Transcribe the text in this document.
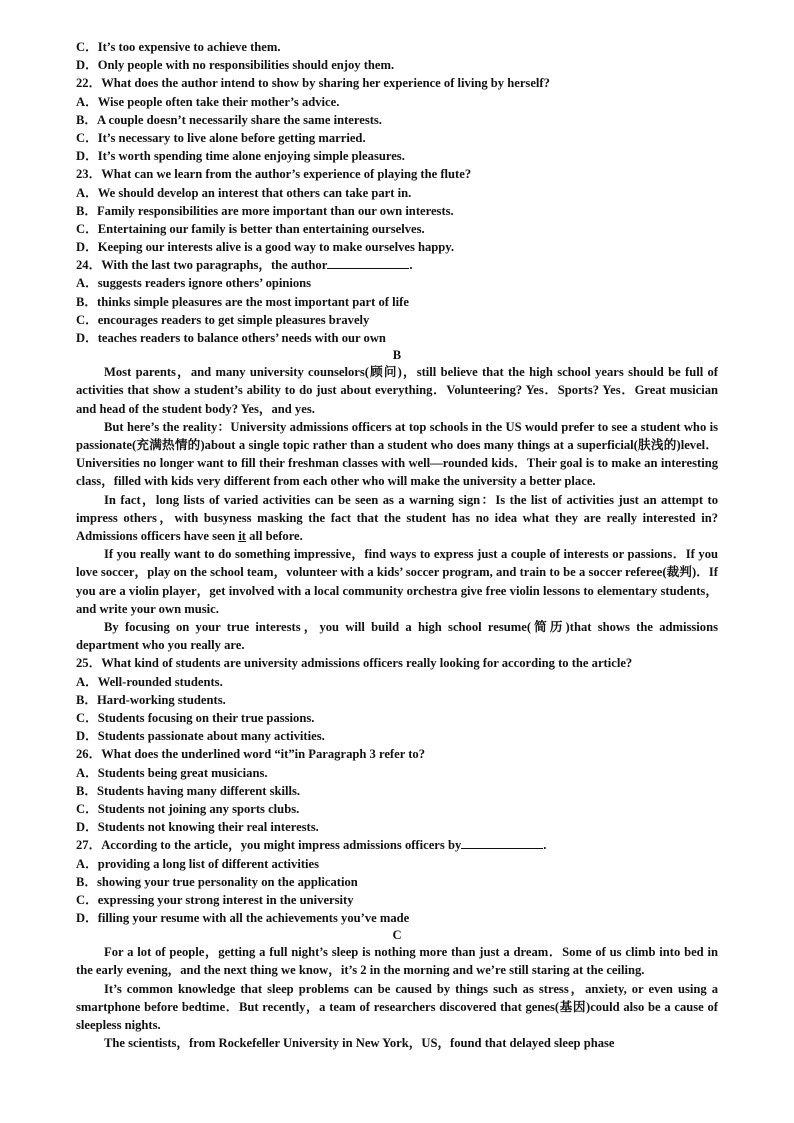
C．It’s too expensive to achieve them.
D．Only people with no responsibilities should enjoy them.
22．What does the author intend to show by sharing her experience of living by herself?
A．Wise people often take their mother’s advice.
B．A couple doesn’t necessarily share the same interests.
C．It’s necessary to live alone before getting married.
D．It’s worth spending time alone enjoying simple pleasures.
23．What can we learn from the author’s experience of playing the flute?
A．We should develop an interest that others can take part in.
B．Family responsibilities are more important than our own interests.
C．Entertaining our family is better than entertaining ourselves.
D．Keeping our interests alive is a good way to make ourselves happy.
24．With the last two paragraphs，the author	.
A．suggests readers ignore others’ opinions
B．thinks simple pleasures are the most important part of life
C．encourages readers to get simple pleasures bravely
D．teaches readers to balance others’ needs with our own
B
Most parents，and many university counselors(顾问)，still believe that the high school years should be full of activities that show a student’s ability to do just about everything．Volunteering? Yes．Sports? Yes．Great musician and head of the student body? Yes，and yes.
But here’s the reality：University admissions officers at top schools in the US would prefer to see a student who is passionate(充满热情的)about a single topic rather than a student who does many things at a superficial(肤浅的)level．Universities no longer want to fill their freshman classes with well—rounded kids．Their goal is to make an interesting class，filled with kids very different from each other who will make the university a better place.
In fact，long lists of varied activities can be seen as a warning sign：Is the list of activities just an attempt to impress others，with busyness masking the fact that the student has no idea what they are really interested in? Admissions officers have seen it all before.
If you really want to do something impressive，find ways to express just a couple of interests or passions．If you love soccer，play on the school team，volunteer with a kids’ soccer program, and train to be a soccer referee(裁判)．If you are a violin player，get involved with a local community orchestra give free violin lessons to elementary students，and write your own music.
By focusing on your true interests，you will build a high school resume(简历)that shows the admissions department who you really are.
25．What kind of students are university admissions officers really looking for according to the article?
A．Well-rounded students.
B．Hard-working students.
C．Students focusing on their true passions.
D．Students passionate about many activities.
26．What does the underlined word “it”in Paragraph 3 refer to?
A．Students being great musicians.
B．Students having many different skills.
C．Students not joining any sports clubs.
D．Students not knowing their real interests.
27．According to the article，you might impress admissions officers by	.
A．providing a long list of different activities
B．showing your true personality on the application
C．expressing your strong interest in the university
D．filling your resume with all the achievements you’ve made
C
For a lot of people，getting a full night’s sleep is nothing more than just a dream．Some of us climb into bed in the early evening，and the next thing we know，it’s 2 in the morning and we’re still staring at the ceiling.
It’s common knowledge that sleep problems can be caused by things such as stress，anxiety, or even using a smartphone before bedtime．But recently，a team of researchers discovered that genes(基因)could also be a cause of sleepless nights.
The scientists，from Rockefeller University in New York，US，found that delayed sleep phase
